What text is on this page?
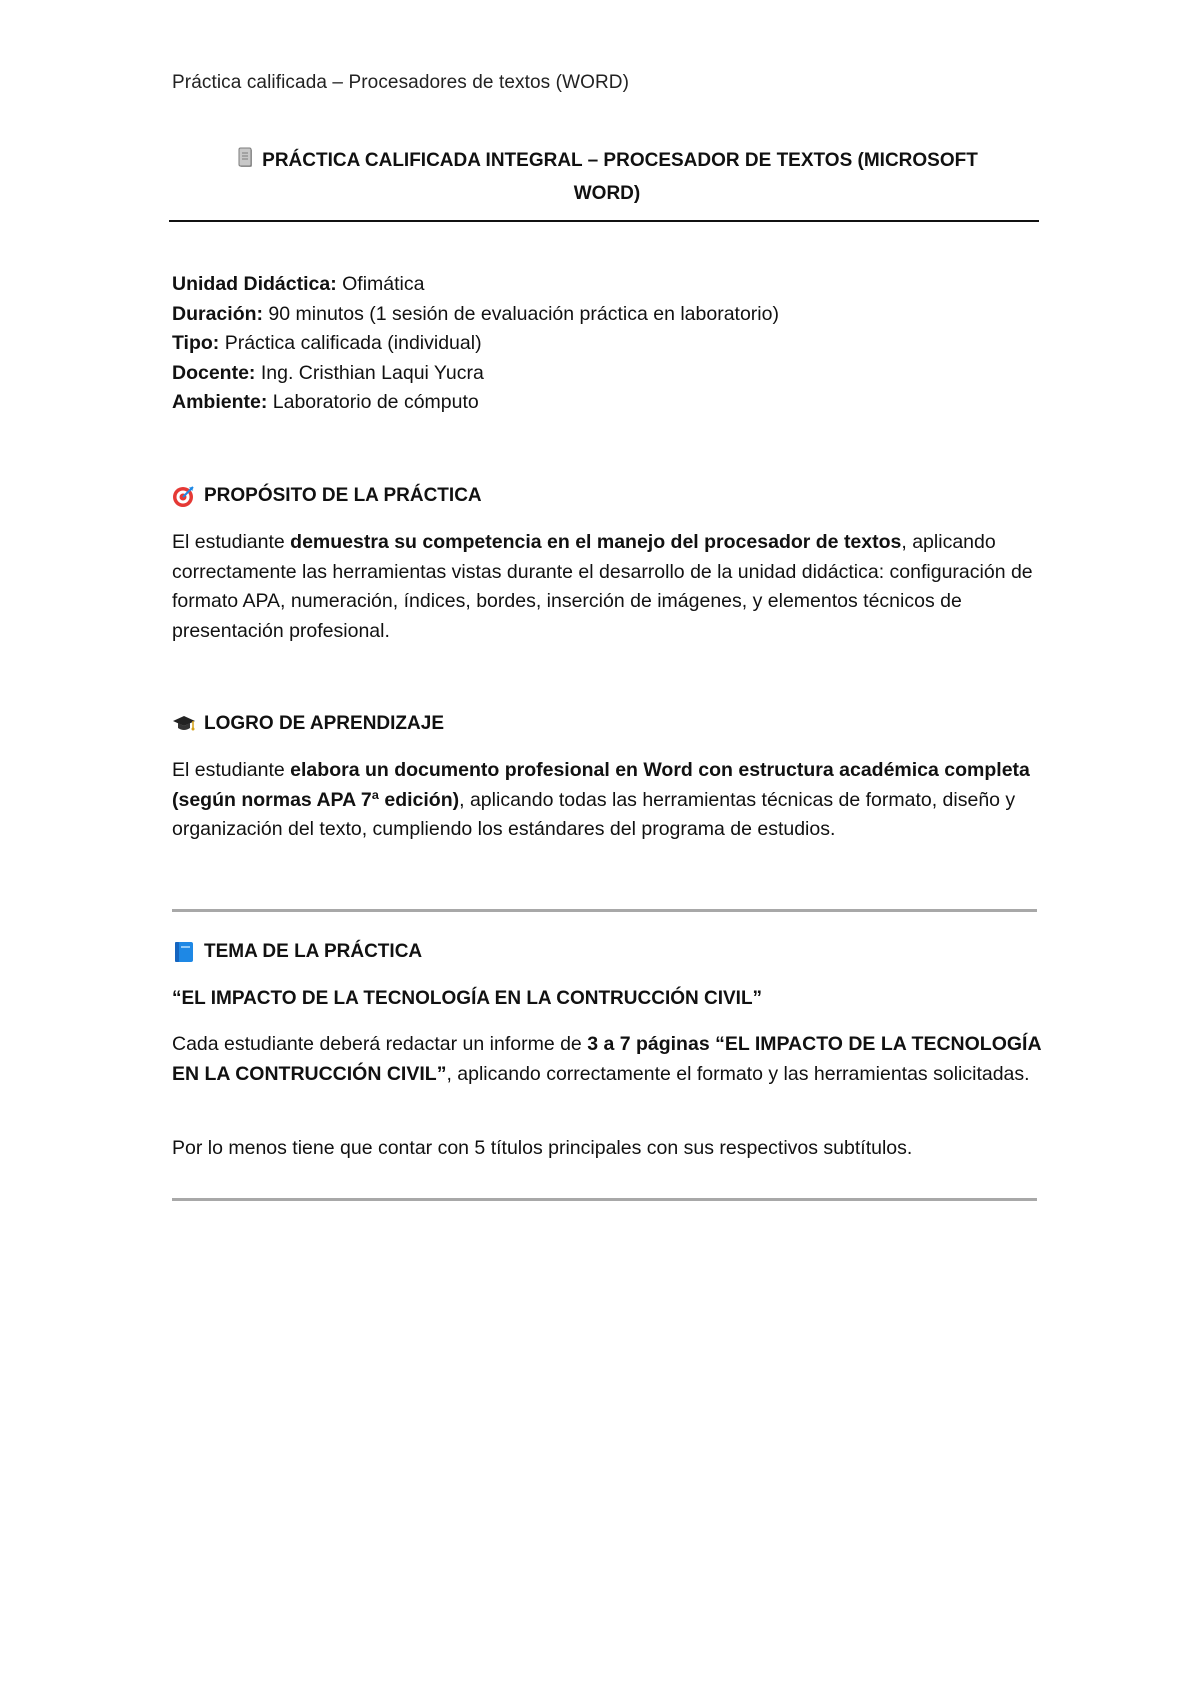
Práctica calificada – Procesadores de textos (WORD)
PRÁCTICA CALIFICADA INTEGRAL – PROCESADOR DE TEXTOS (MICROSOFT
WORD)
Unidad Didáctica: Ofimática
Duración: 90 minutos (1 sesión de evaluación práctica en laboratorio)
Tipo: Práctica calificada (individual)
Docente: Ing. Cristhian Laqui Yucra
Ambiente: Laboratorio de cómputo
PROPÓSITO DE LA PRÁCTICA
El estudiante demuestra su competencia en el manejo del procesador de textos, aplicando correctamente las herramientas vistas durante el desarrollo de la unidad didáctica: configuración de formato APA, numeración, índices, bordes, inserción de imágenes, y elementos técnicos de presentación profesional.
LOGRO DE APRENDIZAJE
El estudiante elabora un documento profesional en Word con estructura académica completa (según normas APA 7ª edición), aplicando todas las herramientas técnicas de formato, diseño y organización del texto, cumpliendo los estándares del programa de estudios.
TEMA DE LA PRÁCTICA
“EL IMPACTO DE LA TECNOLOGÍA EN LA CONTRUCCIÓN CIVIL”
Cada estudiante deberá redactar un informe de 3 a 7 páginas “EL IMPACTO DE LA TECNOLOGÍA EN LA CONTRUCCIÓN CIVIL”, aplicando correctamente el formato y las herramientas solicitadas.
Por lo menos tiene que contar con 5 títulos principales con sus respectivos subtítulos.
